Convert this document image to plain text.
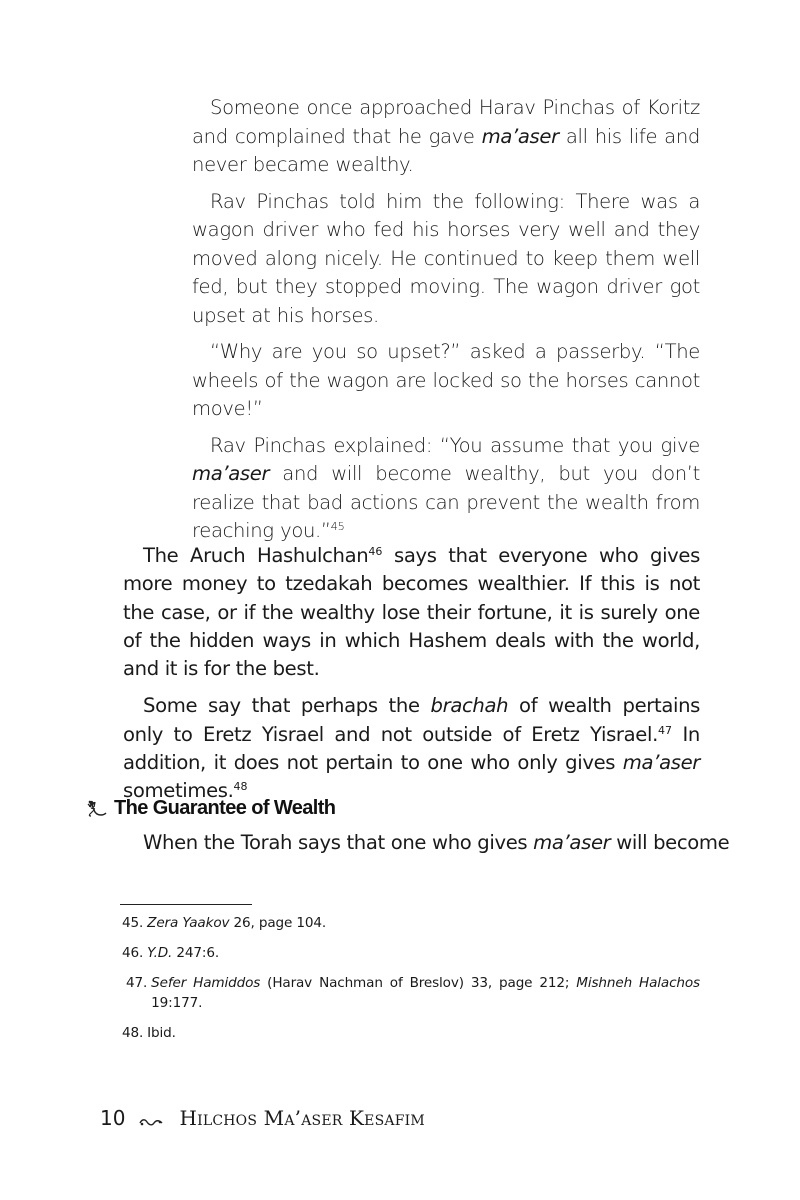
Someone once approached Harav Pinchas of Koritz and complained that he gave ma’aser all his life and never became wealthy.

Rav Pinchas told him the following: There was a wagon driver who fed his horses very well and they moved along nicely. He continued to keep them well fed, but they stopped moving. The wagon driver got upset at his horses.

“Why are you so upset?” asked a passerby. “The wheels of the wagon are locked so the horses cannot move!”

Rav Pinchas explained: “You assume that you give ma’aser and will become wealthy, but you don’t realize that bad actions can prevent the wealth from reaching you.”$^{45}$

The Aruch Hashulchan$^{46}$ says that everyone who gives more money to tzedakah becomes wealthier. If this is not the case, or if the wealthy lose their fortune, it is surely one of the hidden ways in which Hashem deals with the world, and it is for the best.

Some say that perhaps the brachah of wealth pertains only to Eretz Yisrael and not outside of Eretz Yisrael.$^{47}$ In addition, it does not pertain to one who only gives ma’aser sometimes.$^{48}$

The Guarantee of Wealth
When the Torah says that one who gives ma’aser will become
45. Zera Yaakov 26, page 104.
46. Y.D. 247:6.
47. Sefer Hamiddos (Harav Nachman of Breslov) 33, page 212; Mishneh Halachos 19:177.
48. Ibid.
10	Hilchos Ma’aser Kesafim
